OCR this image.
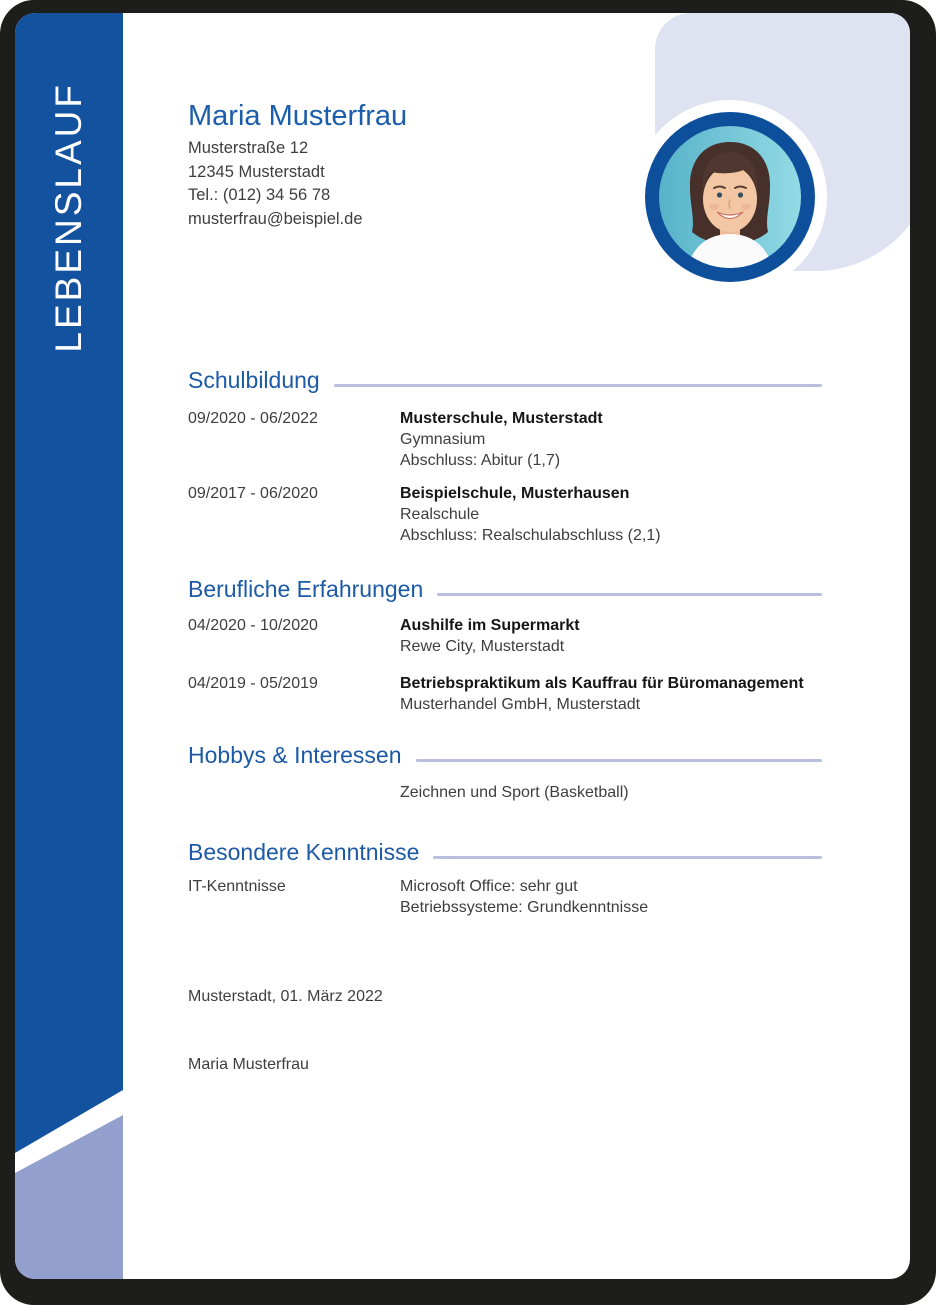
LEBENSLAUF	Maria Musterfrau
Musterstraße 12
12345 Musterstadt
Tel.: (012) 34 56 78
musterfrau@beispiel.de
Schulbildung
09/2020 - 06/2022	Musterschule, Musterstadt
Gymnasium
Abschluss: Abitur (1,7)
09/2017 - 06/2020	Beispielschule, Musterhausen
Realschule
Abschluss: Realschulabschluss (2,1)
Berufliche Erfahrungen
04/2020 - 10/2020	Aushilfe im Supermarkt
Rewe City, Musterstadt
04/2019 - 05/2019	Betriebspraktikum als Kauffrau für Büromanagement
Musterhandel GmbH, Musterstadt
Hobbys & Interessen
Zeichnen und Sport (Basketball)
Besondere Kenntnisse
IT-Kenntnisse	Microsoft Office: sehr gut
Betriebssysteme: Grundkenntnisse
Musterstadt, 01. März 2022
Maria Musterfrau
